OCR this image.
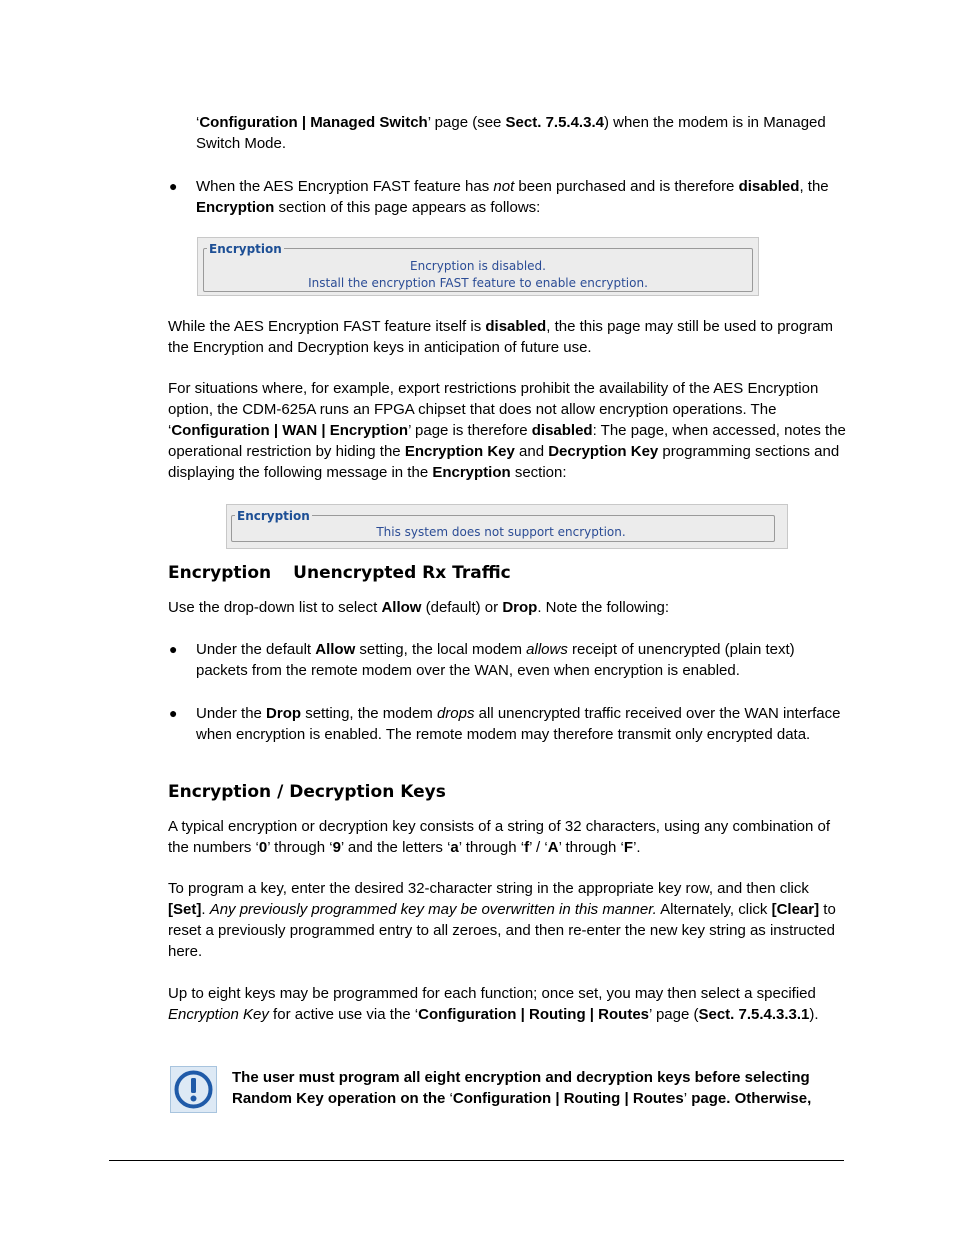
‘Configuration | Managed Switch’ page (see Sect. 7.5.4.3.4) when the modem is in Managed Switch Mode.

● When the AES Encryption FAST feature has not been purchased and is therefore disabled, the Encryption section of this page appears as follows:

Encryption
Encryption is disabled.
Install the encryption FAST feature to enable encryption.

While the AES Encryption FAST feature itself is disabled, the this page may still be used to program the Encryption and Decryption keys in anticipation of future use.

For situations where, for example, export restrictions prohibit the availability of the AES Encryption option, the CDM-625A runs an FPGA chipset that does not allow encryption operations. The ‘Configuration | WAN | Encryption’ page is therefore disabled: The page, when accessed, notes the operational restriction by hiding the Encryption Key and Decryption Key programming sections and displaying the following message in the Encryption section:

Encryption
This system does not support encryption.
Encryption Unencrypted Rx Traffic

Use the drop-down list to select Allow (default) or Drop. Note the following:

● Under the default Allow setting, the local modem allows receipt of unencrypted (plain text) packets from the remote modem over the WAN, even when encryption is enabled.

● Under the Drop setting, the modem drops all unencrypted traffic received over the WAN interface when encryption is enabled. The remote modem may therefore transmit only encrypted data.

Encryption / Decryption Keys

A typical encryption or decryption key consists of a string of 32 characters, using any combination of the numbers ‘0’ through ‘9’ and the letters ‘a’ through ‘f’ / ‘A’ through ‘F’.

To program a key, enter the desired 32-character string in the appropriate key row, and then click [Set]. Any previously programmed key may be overwritten in this manner. Alternately, click [Clear] to reset a previously programmed entry to all zeroes, and then re-enter the new key string as instructed here.

Up to eight keys may be programmed for each function; once set, you may then select a specified Encryption Key for active use via the ‘Configuration | Routing | Routes’ page (Sect. 7.5.4.3.3.1).

The user must program all eight encryption and decryption keys before selecting Random Key operation on the ‘Configuration | Routing | Routes’ page. Otherwise,
